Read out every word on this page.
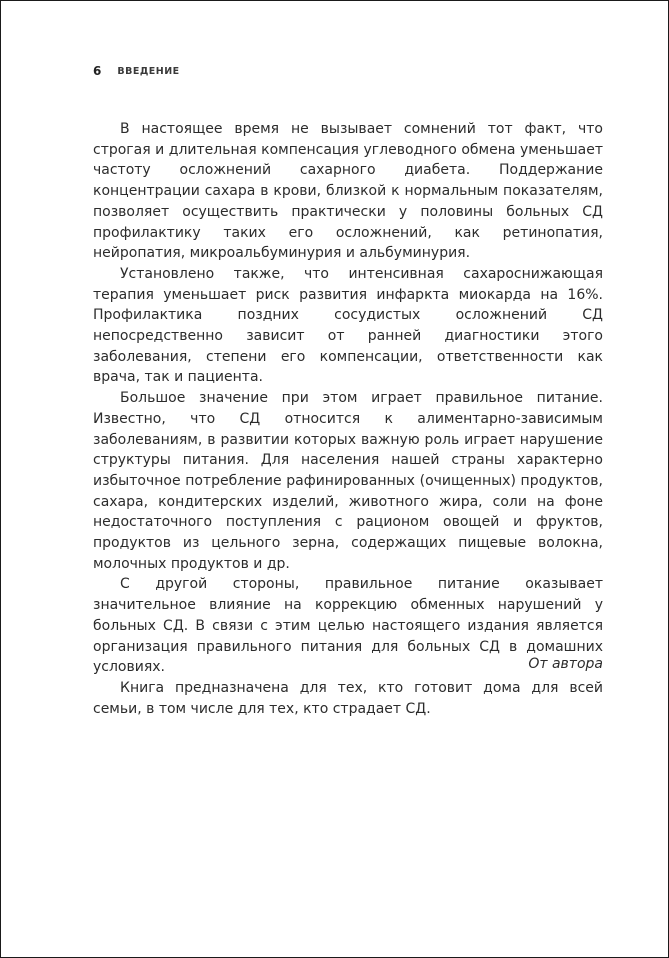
6 ВВЕДЕНИЕ

В настоящее время не вызывает сомнений тот факт, что строгая и длительная компенсация углеводного обмена уменьшает частоту осложнений сахарного диабета. Поддержание концентрации сахара в крови, близкой к нормальным показателям, позволяет осуществить практически у половины больных СД профилактику таких его осложнений, как ретинопатия, нейропатия, микроальбуминурия и альбуминурия.

Установлено также, что интенсивная сахароснижающая терапия уменьшает риск развития инфаркта миокарда на 16%. Профилактика поздних сосудистых осложнений СД непосредственно зависит от ранней диагностики этого заболевания, степени его компенсации, ответственности как врача, так и пациента.

Большое значение при этом играет правильное питание. Известно, что СД относится к алиментарно-зависимым заболеваниям, в развитии которых важную роль играет нарушение структуры питания. Для населения нашей страны характерно избыточное потребление рафинированных (очищенных) продуктов, сахара, кондитерских изделий, животного жира, соли на фоне недостаточного поступления с рационом овощей и фруктов, продуктов из цельного зерна, содержащих пищевые волокна, молочных продуктов и др.

С другой стороны, правильное питание оказывает значительное влияние на коррекцию обменных нарушений у больных СД. В связи с этим целью настоящего издания является организация правильного питания для больных СД в домашних условиях.

Книга предназначена для тех, кто готовит дома для всей семьи, в том числе для тех, кто страдает СД.

От автора
